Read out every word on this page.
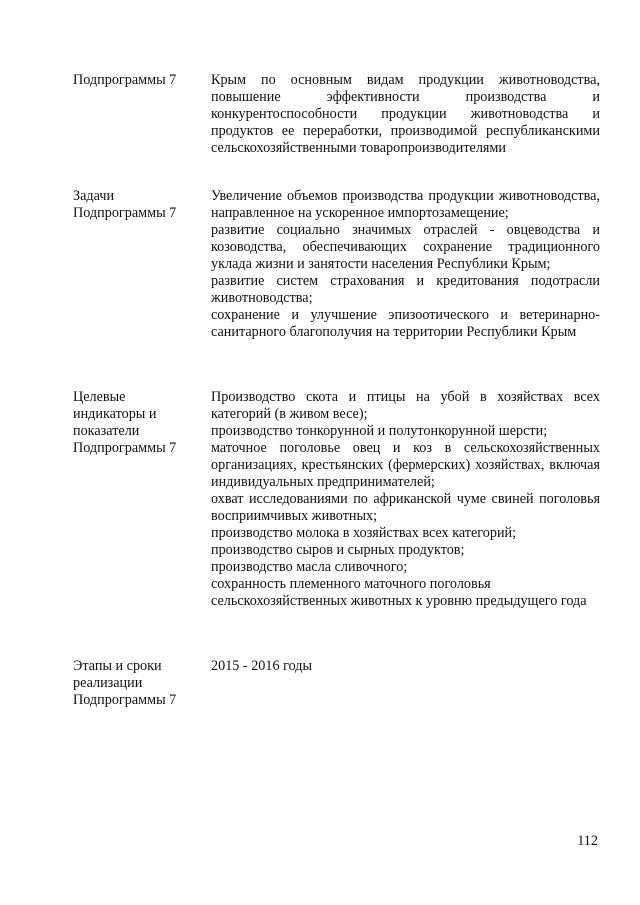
Подпрограммы 7	Крым по основным видам продукции животноводства, повышение эффективности производства и конкурентоспособности продукции животноводства и продуктов ее переработки, производимой республиканскими сельскохозяйственными товаропроизводителями

Задачи
Подпрограммы 7

Увеличение объемов производства продукции животноводства, направленное на ускоренное импортозамещение;

развитие социально значимых отраслей - овцеводства и козоводства, обеспечивающих сохранение традиционного уклада жизни и занятости населения Республики Крым;

развитие систем страхования и кредитования подотрасли животноводства;

сохранение и улучшение эпизоотического и ветеринарно-санитарного благополучия на территории Республики Крым

Целевые
индикаторы и
показатели
Подпрограммы 7

Производство скота и птицы на убой в хозяйствах всех категорий (в живом весе);

производство тонкорунной и полутонкорунной шерсти;

маточное поголовье овец и коз в сельскохозяйственных организациях, крестьянских (фермерских) хозяйствах, включая индивидуальных предпринимателей;

охват исследованиями по африканской чуме свиней поголовья восприимчивых животных;

производство молока в хозяйствах всех категорий;

производство сыров и сырных продуктов;

производство масла сливочного;

сохранность племенного маточного поголовья сельскохозяйственных животных к уровню предыдущего года

Этапы и сроки
реализации
Подпрограммы 7

2015 - 2016 годы

112
